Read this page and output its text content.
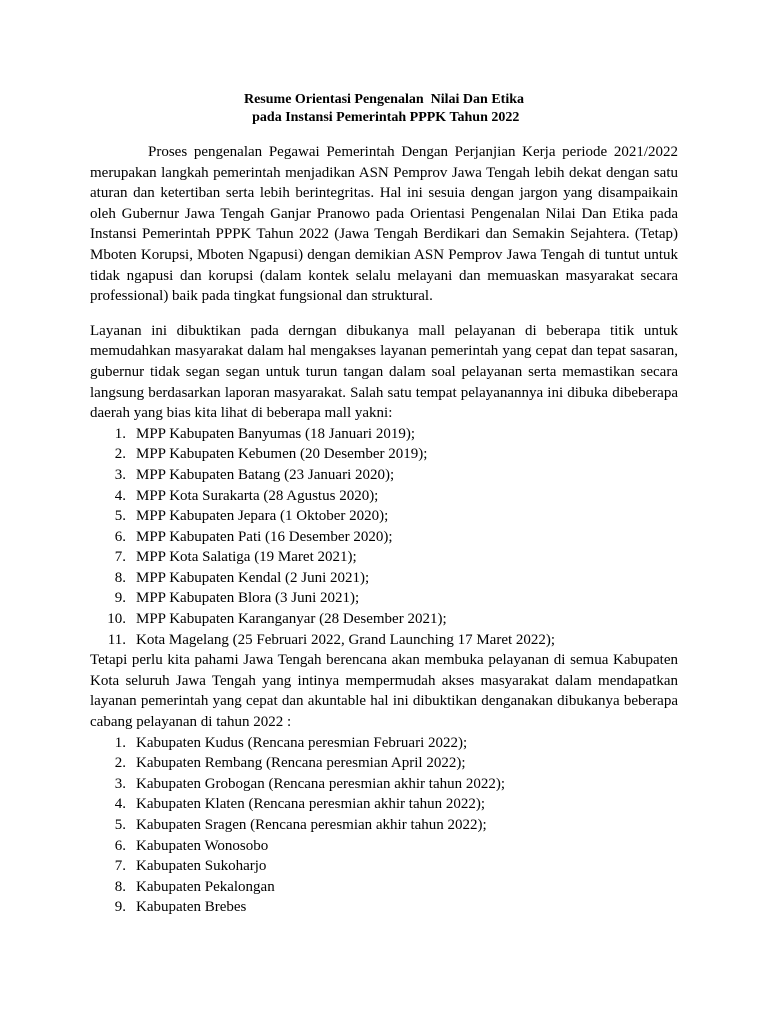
Resume Orientasi Pengenalan  Nilai Dan Etika
pada Instansi Pemerintah PPPK Tahun 2022

Proses pengenalan Pegawai Pemerintah Dengan Perjanjian Kerja periode 2021/2022 merupakan langkah pemerintah menjadikan ASN Pemprov Jawa Tengah lebih dekat dengan satu aturan dan ketertiban serta lebih berintegritas. Hal ini sesuia dengan jargon yang disampaikain oleh Gubernur Jawa Tengah Ganjar Pranowo pada Orientasi Pengenalan Nilai Dan Etika pada Instansi Pemerintah PPPK Tahun 2022 (Jawa Tengah Berdikari dan Semakin Sejahtera. (Tetap) Mboten Korupsi, Mboten Ngapusi) dengan demikian ASN Pemprov Jawa Tengah di tuntut untuk tidak ngapusi dan korupsi (dalam kontek selalu melayani dan memuaskan masyarakat secara professional) baik pada tingkat fungsional dan struktural.

Layanan ini dibuktikan pada derngan dibukanya mall pelayanan di beberapa titik untuk memudahkan masyarakat dalam hal mengakses layanan pemerintah yang cepat dan tepat sasaran, gubernur tidak segan segan untuk turun tangan dalam soal pelayanan serta memastikan secara langsung berdasarkan laporan masyarakat. Salah satu tempat pelayanannya ini dibuka dibeberapa daerah yang bias kita lihat di beberapa mall yakni:

1. MPP Kabupaten Banyumas (18 Januari 2019);
2. MPP Kabupaten Kebumen (20 Desember 2019);
3. MPP Kabupaten Batang (23 Januari 2020);
4. MPP Kota Surakarta (28 Agustus 2020);
5. MPP Kabupaten Jepara (1 Oktober 2020);
6. MPP Kabupaten Pati (16 Desember 2020);
7. MPP Kota Salatiga (19 Maret 2021);
8. MPP Kabupaten Kendal (2 Juni 2021);
9. MPP Kabupaten Blora (3 Juni 2021);
10. MPP Kabupaten Karanganyar (28 Desember 2021);
11. Kota Magelang (25 Februari 2022, Grand Launching 17 Maret 2022);

Tetapi perlu kita pahami Jawa Tengah berencana akan membuka pelayanan di semua Kabupaten Kota seluruh Jawa Tengah yang intinya mempermudah akses masyarakat dalam mendapatkan layanan pemerintah yang cepat dan akuntable hal ini dibuktikan denganakan dibukanya beberapa cabang pelayanan di tahun 2022 :

1. Kabupaten Kudus (Rencana peresmian Februari 2022);
2. Kabupaten Rembang (Rencana peresmian April 2022);
3. Kabupaten Grobogan (Rencana peresmian akhir tahun 2022);
4. Kabupaten Klaten (Rencana peresmian akhir tahun 2022);
5. Kabupaten Sragen (Rencana peresmian akhir tahun 2022);
6. Kabupaten Wonosobo
7. Kabupaten Sukoharjo
8. Kabupaten Pekalongan
9. Kabupaten Brebes
